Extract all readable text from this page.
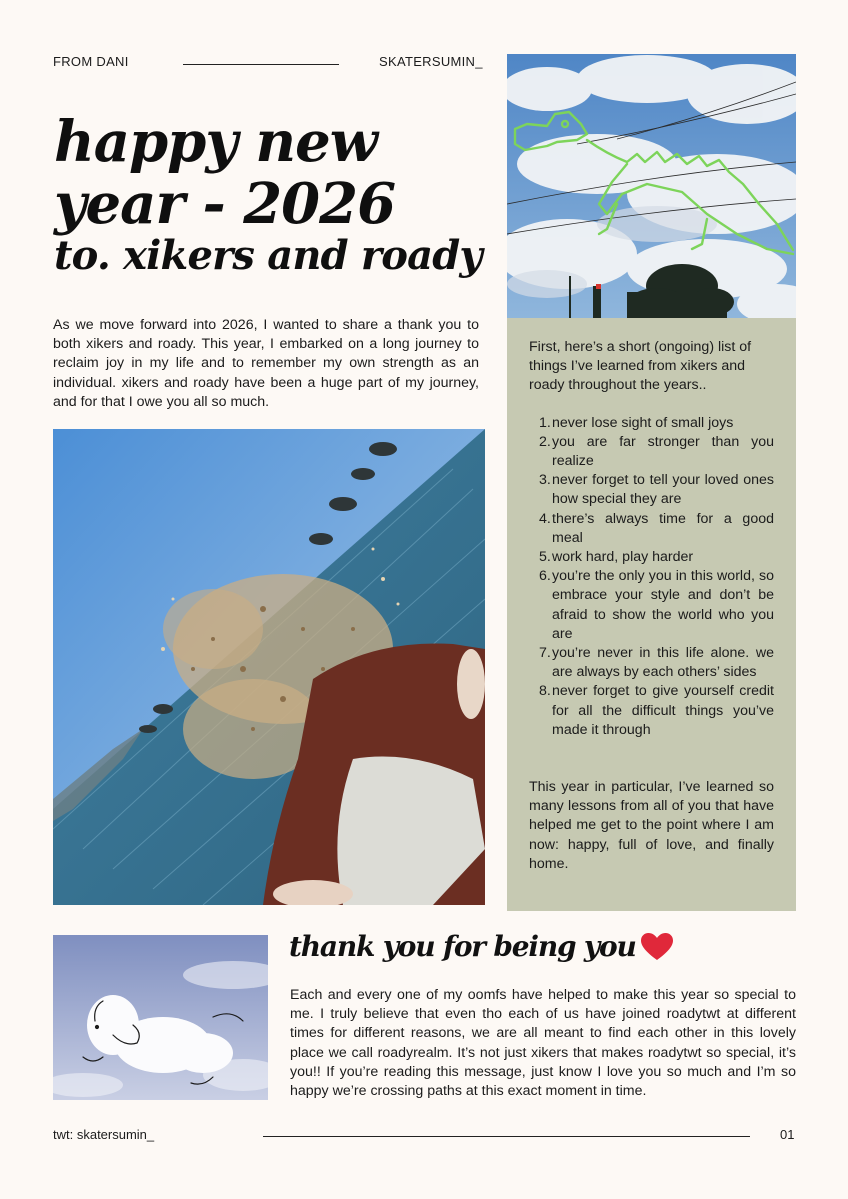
FROM DANI	SKATERSUMIN_
happy new
year - 2026
to. xikers and roady

As we move forward into 2026, I wanted to share a thank you to both xikers and roady. This year, I embarked on a long journey to reclaim joy in my life and to remember my own strength as an individual. xikers and roady have been a huge part of my journey, and for that I owe you all so much.

First, here’s a short (ongoing) list of things I’ve learned from xikers and roady throughout the years..
1. never lose sight of small joys
2. you are far stronger than you realize
3. never forget to tell your loved ones how special they are
4. there’s always time for a good meal
5. work hard, play harder
6. you’re the only you in this world, so embrace your style and don’t be afraid to show the world who you are
7. you’re never in this life alone. we are always by each others’ sides
8. never forget to give yourself credit for all the difficult things you’ve made it through
This year in particular, I’ve learned so many lessons from all of you that have helped me get to the point where I am now: happy, full of love, and finally home.
thank you for being you

Each and every one of my oomfs have helped to make this year so special to me. I truly believe that even tho each of us have joined roadytwt at different times for different reasons, we are all meant to find each other in this lovely place we call roadyrealm. It’s not just xikers that makes roadytwt so special, it’s you!! If you’re reading this message, just know I love you so much and I’m so happy we’re crossing paths at this exact moment in time.

twt: skatersumin_	01
